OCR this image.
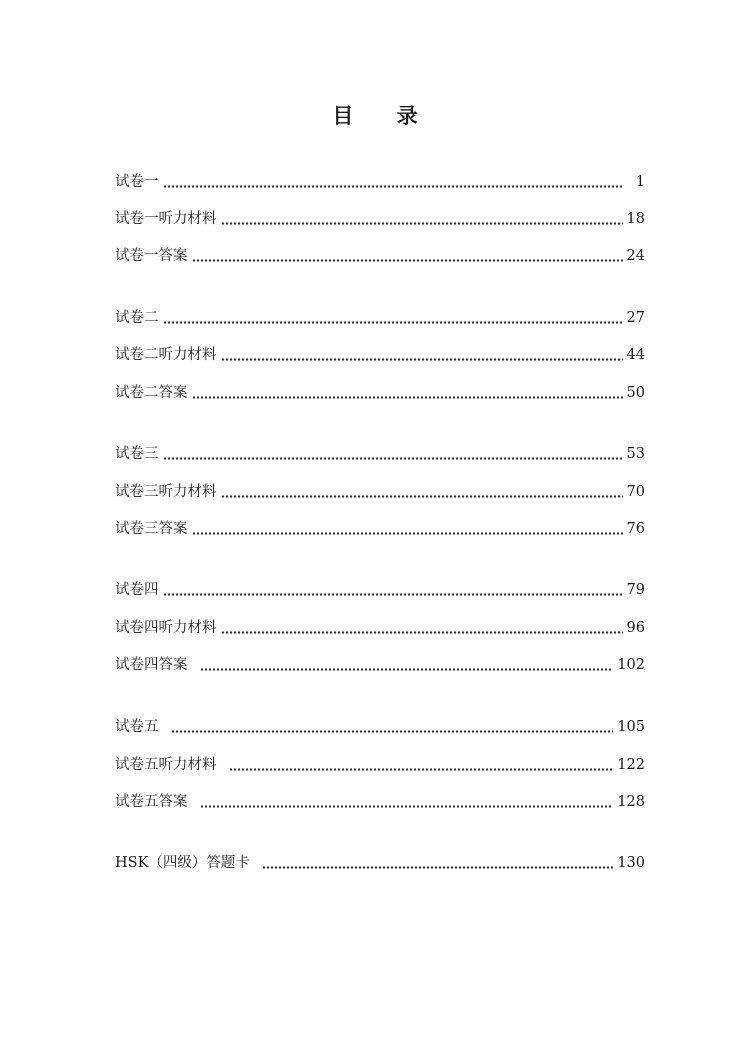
目 录
试卷一	1
试卷一听力材料	18
试卷一答案	24
试卷二	27
试卷二听力材料	44
试卷二答案	50
试卷三	53
试卷三听力材料	70
试卷三答案	76
试卷四	79
试卷四听力材料	96
试卷四答案	102
试卷五	105
试卷五听力材料	122
试卷五答案	128
HSK（四级）答题卡	130
